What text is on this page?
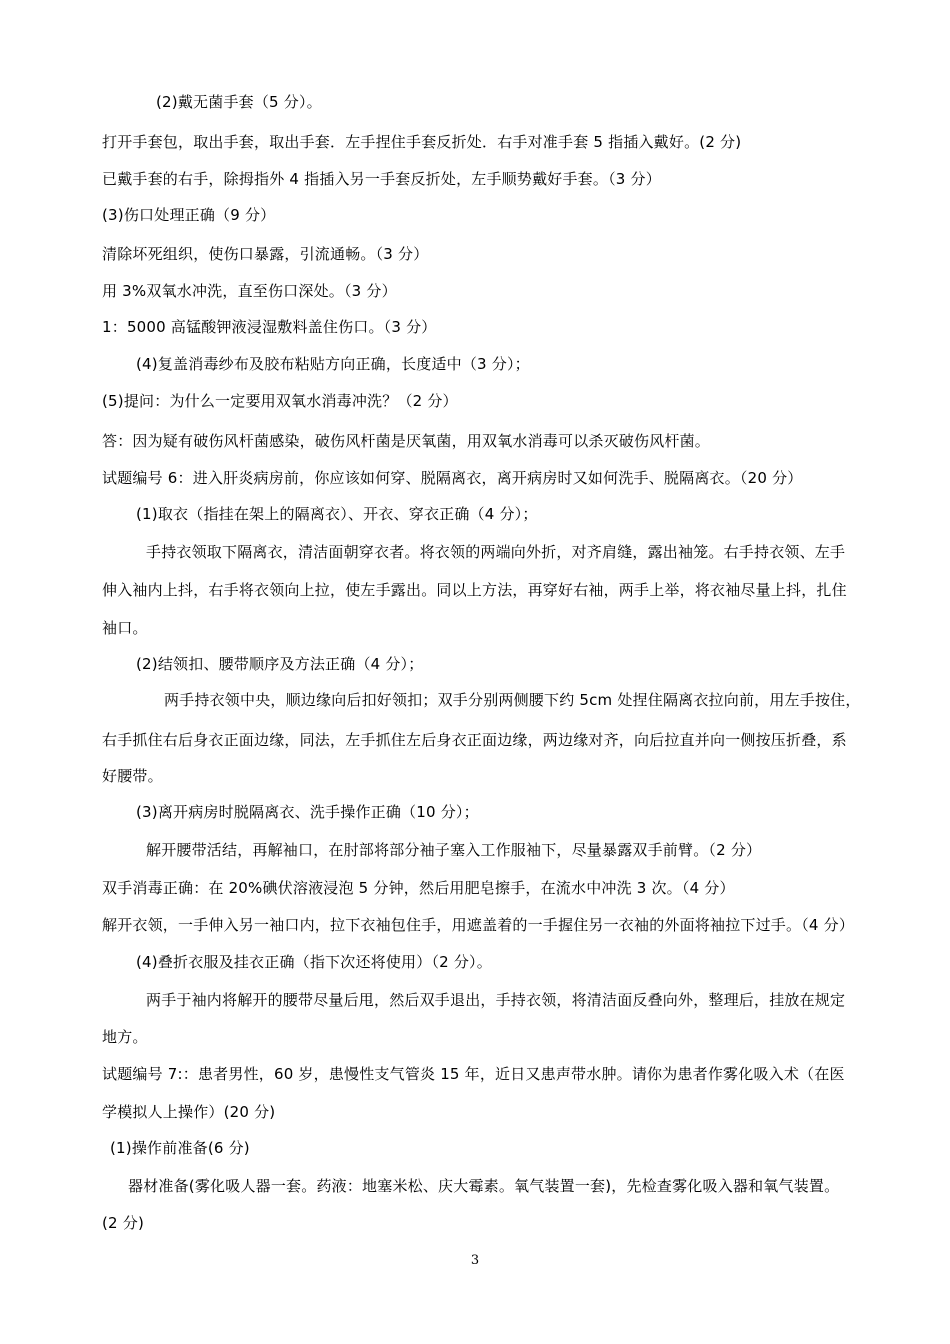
(2)戴无菌手套（5 分）。
打开手套包，取出手套，取出手套．左手捏住手套反折处．右手对准手套 5 指插入戴好。(2 分)
已戴手套的右手，除拇指外 4 指插入另一手套反折处，左手顺势戴好手套。（3 分）
(3)伤口处理正确（9 分）
清除坏死组织，使伤口暴露，引流通畅。（3 分）
用 3%双氧水冲洗，直至伤口深处。（3 分）
1：5000 高锰酸钾液浸湿敷料盖住伤口。（3 分）
(4)复盖消毒纱布及胶布粘贴方向正确，长度适中（3 分）；
(5)提问：为什么一定要用双氧水消毒冲洗？（2 分）
答：因为疑有破伤风杆菌感染，破伤风杆菌是厌氧菌，用双氧水消毒可以杀灭破伤风杆菌。
试题编号 6：进入肝炎病房前，你应该如何穿、脱隔离衣，离开病房时又如何洗手、脱隔离衣。（20 分）
(1)取衣（指挂在架上的隔离衣）、开衣、穿衣正确（4 分）；
手持衣领取下隔离衣，清洁面朝穿衣者。将衣领的两端向外折，对齐肩缝，露出袖笼。右手持衣领、左手
伸入袖内上抖，右手将衣领向上拉，使左手露出。同以上方法，再穿好右袖，两手上举，将衣袖尽量上抖，扎住
袖口。
(2)结领扣、腰带顺序及方法正确（4 分）；
两手持衣领中央，顺边缘向后扣好领扣；双手分别两侧腰下约 5cm 处捏住隔离衣拉向前，用左手按住，
右手抓住右后身衣正面边缘，同法，左手抓住左后身衣正面边缘，两边缘对齐，向后拉直并向一侧按压折叠，系
好腰带。
(3)离开病房时脱隔离衣、洗手操作正确（10 分）；
解开腰带活结，再解袖口，在肘部将部分袖子塞入工作服袖下，尽量暴露双手前臂。（2 分）
双手消毒正确：在 20%碘伏溶液浸泡 5 分钟，然后用肥皂擦手，在流水中冲洗 3 次。（4 分）
解开衣领，一手伸入另一袖口内，拉下衣袖包住手，用遮盖着的一手握住另一衣袖的外面将袖拉下过手。（4 分）
(4)叠折衣服及挂衣正确（指下次还将使用）（2 分）。
两手于袖内将解开的腰带尽量后甩，然后双手退出，手持衣领，将清洁面反叠向外，整理后，挂放在规定
地方。
试题编号 7:：患者男性，60 岁，患慢性支气管炎 15 年，近日又患声带水肿。请你为患者作雾化吸入术（在医
学模拟人上操作）(20 分)
(1)操作前准备(6 分)
器材准备(雾化吸人器一套。药液：地塞米松、庆大霉素。氧气装置一套)，先检查雾化吸入器和氧气装置。
(2 分)
3
